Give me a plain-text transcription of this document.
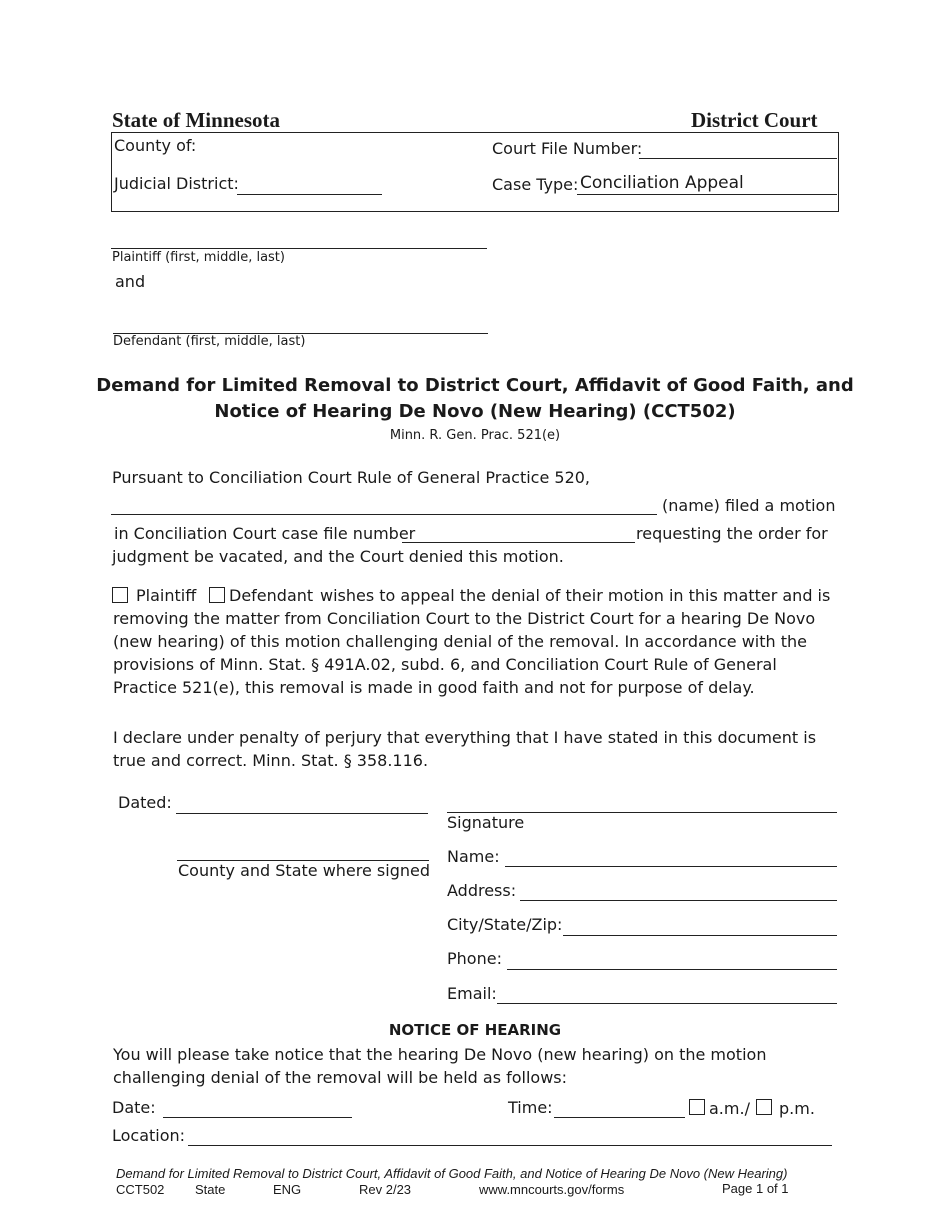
State of Minnesota	District Court
County of:
Judicial District:
Court File Number:
Case Type: Conciliation Appeal
Plaintiff (first, middle, last)
and
Defendant (first, middle, last)
Demand for Limited Removal to District Court, Affidavit of Good Faith, and
Notice of Hearing De Novo (New Hearing) (CCT502)
Minn. R. Gen. Prac. 521(e)
Pursuant to Conciliation Court Rule of General Practice 520,
(name) filed a motion
in Conciliation Court case file number	requesting the order for
judgment be vacated, and the Court denied this motion.
Plaintiff Defendant wishes to appeal the denial of their motion in this matter and is
removing the matter from Conciliation Court to the District Court for a hearing De Novo (new hearing) of this motion challenging denial of the removal. In accordance with the provisions of Minn. Stat. § 491A.02, subd. 6, and Conciliation Court Rule of General Practice 521(e), this removal is made in good faith and not for purpose of delay.
I declare under penalty of perjury that everything that I have stated in this document is true and correct. Minn. Stat. § 358.116.
Dated:
County and State where signed
Signature
Name:
Address:
City/State/Zip:
Phone:
Email:
NOTICE OF HEARING
You will please take notice that the hearing De Novo (new hearing) on the motion challenging denial of the removal will be held as follows:
Date:	Time:	a.m./ p.m.
Location:
Demand for Limited Removal to District Court, Affidavit of Good Faith, and Notice of Hearing De Novo (New Hearing)
CCT502 State	ENG	Rev 2/23	www.mncourts.gov/forms	Page 1 of 1
